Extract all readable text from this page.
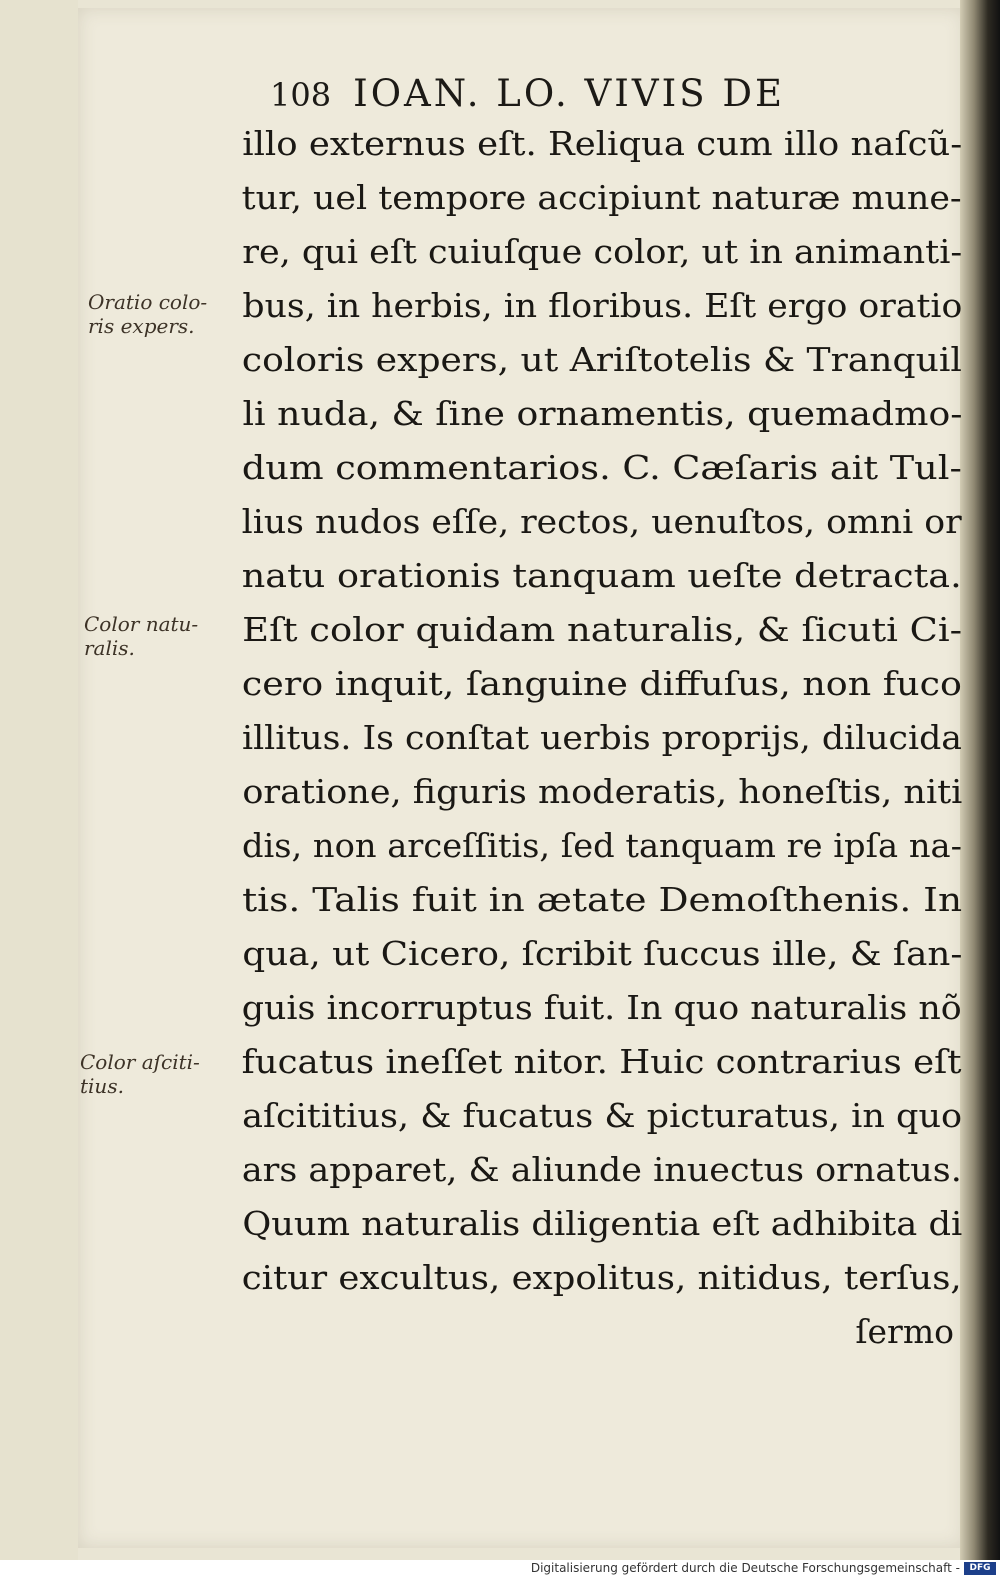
108 IOAN. LO. VIVIS DE
illo externus eſt. Reliqua cum illo naſcũ-
tur, uel tempore accipiunt naturæ mune-
re, qui eſt cuiuſque color, ut in animanti-
bus, in herbis, in floribus. Eſt ergo oratio
coloris expers, ut Ariſtotelis & Tranquil
li nuda, & ſine ornamentis, quemadmo-
dum commentarios. C. Cæſaris ait Tul-
lius nudos eſſe, rectos, uenuſtos, omni or
natu orationis tanquam ueſte detracta.
Eſt color quidam naturalis, & ſicuti Ci-
cero inquit, ſanguine diffuſus, non fuco
illitus. Is conſtat uerbis proprijs, dilucida
oratione, figuris moderatis, honeſtis, niti
dis, non arceſſitis, ſed tanquam re ipſa na-
tis. Talis fuit in ætate Demoſthenis. In
qua, ut Cicero, ſcribit ſuccus ille, & ſan-
guis incorruptus fuit. In quo naturalis nõ
fucatus ineſſet nitor. Huic contrarius eſt
aſcititius, & fucatus & picturatus, in quo
ars apparet, & aliunde inuectus ornatus.
Quum naturalis diligentia eſt adhibita di
citur excultus, expolitus, nitidus, terſus,
ſermo
Oratio colo-
ris expers.
Color natu-
ralis.
Color aſciti-
tius.
Digitalisierung gefördert durch die Deutsche Forschungsgemeinschaft -	DFG
